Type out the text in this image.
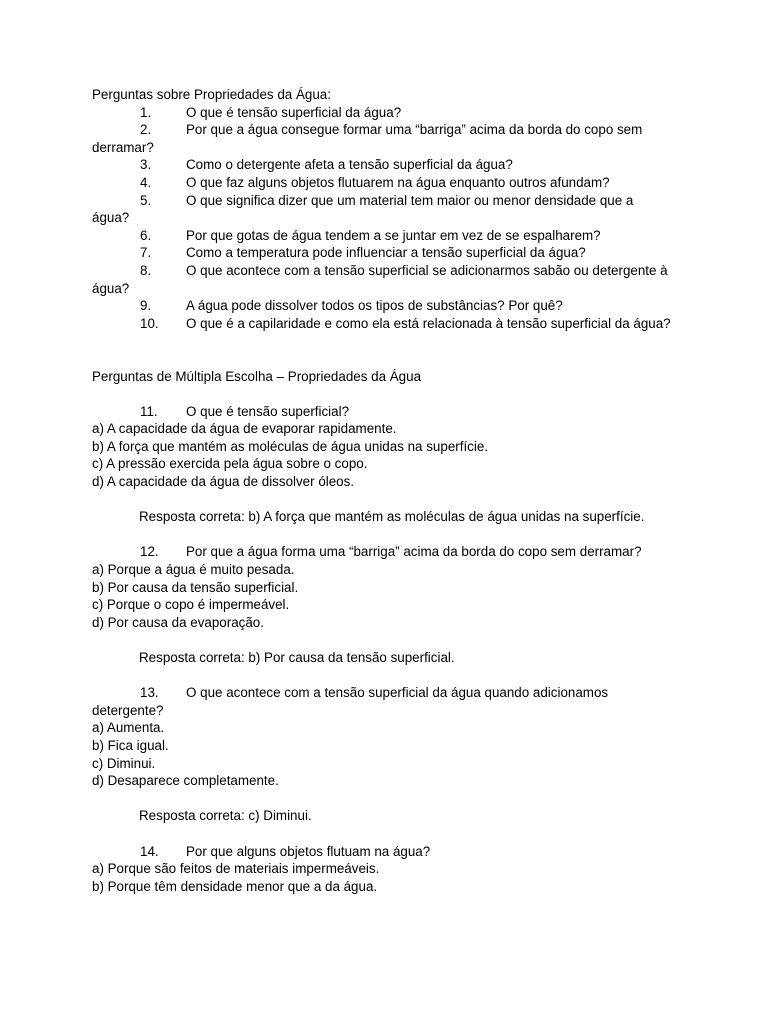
Perguntas sobre Propriedades da Água:

1.	O que é tensão superficial da água?

2.	Por que a água consegue formar uma “barriga” acima da borda do copo sem derramar?

3.	Como o detergente afeta a tensão superficial da água?

4.	O que faz alguns objetos flutuarem na água enquanto outros afundam?

5.	O que significa dizer que um material tem maior ou menor densidade que a água?

6.	Por que gotas de água tendem a se juntar em vez de se espalharem?

7.	Como a temperatura pode influenciar a tensão superficial da água?

8.	O que acontece com a tensão superficial se adicionarmos sabão ou detergente à água?

9.	A água pode dissolver todos os tipos de substâncias? Por quê?

10. O que é a capilaridade e como ela está relacionada à tensão superficial da água?

Perguntas de Múltipla Escolha – Propriedades da Água

11. O que é tensão superficial?

a) A capacidade da água de evaporar rapidamente.

b) A força que mantém as moléculas de água unidas na superfície.

c) A pressão exercida pela água sobre o copo.

d) A capacidade da água de dissolver óleos.

Resposta correta: b) A força que mantém as moléculas de água unidas na superfície.

12. Por que a água forma uma “barriga” acima da borda do copo sem derramar?

a) Porque a água é muito pesada.

b) Por causa da tensão superficial.

c) Porque o copo é impermeável.

d) Por causa da evaporação.

Resposta correta: b) Por causa da tensão superficial.

13. O que acontece com a tensão superficial da água quando adicionamos detergente?

a) Aumenta.

b) Fica igual.

c) Diminui.

d) Desaparece completamente.

Resposta correta: c) Diminui.

14. Por que alguns objetos flutuam na água?

a) Porque são feitos de materiais impermeáveis.

b) Porque têm densidade menor que a da água.
